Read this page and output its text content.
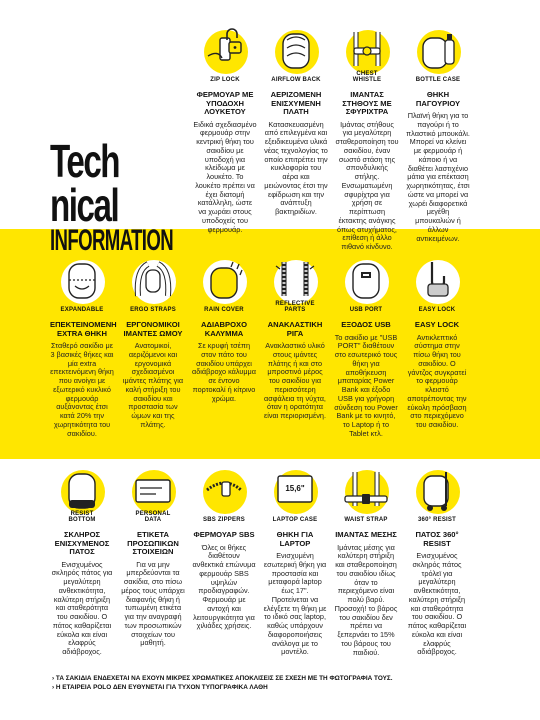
Tech
nical
INFORMATION
ZIP LOCK
ΦΕΡΜΟΥΑΡ ΜΕ ΥΠΟΔΟΧΗ ΛΟΥΚΕΤΟΥ
Ειδικά σχεδιασμένο φερμουάρ στην κεντρική θήκη του σακιδίου με υποδοχή για κλείδωμα με λουκέτο. Το λουκέτο πρέπει να έχει διατομή κατάλληλη, ώστε να χωράει στους υποδοχείς του φερμουάρ.
AIRFLOW BACK
ΑΕΡΙΖΟΜΕΝΗ ΕΝΙΣΧΥΜΕΝΗ ΠΛΑΤΗ
Κατασκευασμένη από επιλεγμένα και εξειδικευμένα υλικά νέας τεχνολογίας το οποίο επιτρέπει την κυκλοφορία του αέρα και μειώνοντας έτσι την εφίδρωση και την ανάπτυξη βακτηριδίων.
CHEST WHISTLE
ΙΜΑΝΤΑΣ ΣΤΗΘΟΥΣ ΜΕ ΣΦΥΡΙΧΤΡΑ
Ιμάντας στήθους για μεγαλύτερη σταθεροποίηση του σακιδίου, έναν σωστό στάση της σπονδυλικής στήλης. Ενσωματωμένη σφυρίχτρα για χρήση σε περίπτωση έκτακτης ανάγκης όπως ατυχήματος, επίθεση ή άλλο πιθανό κίνδυνο.
BOTTLE CASE
ΘΗΚΗ ΠΑΓΟΥΡΙΟΥ
Πλαϊνή θήκη για το παγούρι ή το πλαστικό μπουκάλι. Μπορεί να κλείνει με φερμουάρ ή κάποιο ή να διαθέτει λαστιχένιο μάτια για επέκταση χωρητικότητας, έτσι ώστε να μπορεί να χωρέι διαφορετικά μεγέθη μπουκαλιών ή άλλων αντικειμένων.
EXPANDABLE
ΕΠΕΚΤΕΙΝΟΜΕΝΗ EXTRA ΘΗΚΗ
Σταθερό σακίδιο με 3 βασικές θήκες και μία extra επεκτεινόμενη θήκη που ανοίγει με εξωτερικό κυκλικό φερμουάρ αυξάνοντας έτσι κατά 20% την χωρητικότητα του σακιδίου.
ERGO STRAPS
ΕΡΓΟΝΟΜΙΚΟΙ ΙΜΑΝΤΕΣ ΩΜΟΥ
Ανατομικοί, αεριζόμενοι και εργονομικά σχεδιασμένοι ιμάντες πλάτης για καλή στήριξη του σακιδίου και προστασία των ώμων και της πλάτης.
RAIN COVER
ΑΔΙΑΒΡΟΧΟ ΚΑΛΥΜΜΑ
Σε κρυφή τσέπη στον πάτο του σακιδίου υπάρχει αδιάβροχο κάλυμμα σε έντονο πορτοκαλί ή κίτρινο χρώμα.
REFLECTIVE PARTS
ΑΝΑΚΛΑΣΤΙΚΗ ΡΙΓΑ
Ανακλαστικό υλικό στους ιμάντες πλάτης ή και στο μπροστινό μέρος του σακιδίου για περισσότερη ασφάλεια τη νύχτα, όταν η ορατότητα είναι περιορισμένη.
USB PORT
ΕΞΟΔΟΣ USB
Το σακίδιο με "USB PORT" διαθέτουν στο εσωτερικό τους θήκη για αποθήκευση μπαταρίας Power Bank και έξοδο USB για γρήγορη σύνδεση του Power Bank με το κινητό, το Laptop ή το Tablet κτλ.
EASY LOCK
EASY LOCK
Αντικλεπτικό σύστημα στην πίσω θήκη του σακιδίου. Ο γάντζος συγκρατεί το φερμουάρ κλειστό αποτρέποντας την εύκολη πρόσβαση στο περιεχόμενο του σακιδίου.
RESIST BOTTOM
ΣΚΛΗΡΟΣ ΕΝΙΣΧΥΜΕΝΟΣ ΠΑΤΟΣ
Ενισχυμένος σκληρός πάτος για μεγαλύτερη ανθεκτικότητα, καλύτερη στήριξη και σταθερότητα του σακιδίου. Ο πάτος καθαρίζεται εύκολα και είναι ελαφρύς αδιάβροχος.
PERSONAL DATA
ΕΤΙΚΕΤΑ ΠΡΟΣΩΠΙΚΩΝ ΣΤΟΙΧΕΙΩΝ
Για να μην μπερδεύονται τα σακίδια, στο πίσω μέρος τους υπάρχει διαφανής θήκη ή τυπωμένη ετικέτα για την αναγραφή των προσωπικών στοιχείων του μαθητή.
SBS ZIPPERS
ΦΕΡΜΟΥΑΡ SBS
Όλες οι θήκες διαθέτουν ανθεκτικά επώνυμα φερμουάρ SBS υψηλών προδιαγραφών. Φερμουάρ με αντοχή και λειτουργικότητα για χιλιάδες χρήσεις.
15,6"
LAPTOP CASE
ΘΗΚΗ ΓΙΑ LAPTOP
Ενισχυμένη εσωτερική θήκη για προστασία και μεταφορά laptop έως 17". Προτείνεται να ελέγξετε τη θήκη με το ιδικό σας laptop, καθώς υπάρχουν διαφοροποιήσεις ανάλογα με το μοντέλο.
WAIST STRAP
ΙΜΑΝΤΑΣ ΜΕΣΗΣ
Ιμάντας μέσης για καλύτερη στήριξη και σταθεροποίηση του σακιδίου ιδίως όταν το περιεχόμενο είναι πολύ βαρύ. Προσοχή! το βάρος του σακιδίου δεν πρέπει να ξεπερνάει το 15% του βάρους του παιδιού.
360° RESIST
ΠΑΤΟΣ 360° RESIST
Ενισχυμένος σκληρός πάτος τρόλεϊ για μεγαλύτερη ανθεκτικότητα, καλύτερη στήριξη και σταθερότητα του σακιδίου. Ο πάτος καθαρίζεται εύκολα και είναι ελαφρύς αδιάβροχος.
› ΤΑ ΣΑΚΙΔΙΑ ΕΝΔΕΧΕΤΑΙ ΝΑ ΕΧΟΥΝ ΜΙΚΡΕΣ ΧΡΩΜΑΤΙΚΕΣ ΑΠΟΚΛΙΣΕΙΣ ΣΕ ΣΧΕΣΗ ΜΕ ΤΗ ΦΩΤΟΓΡΑΦΙΑ ΤΟΥΣ.
› Η ΕΤΑΙΡΕΙΑ POLO ΔΕΝ ΕΥΘΥΝΕΤΑΙ ΓΙΑ ΤΥΧΟΝ ΤΥΠΟΓΡΑΦΙΚΑ ΛΑΘΗ
